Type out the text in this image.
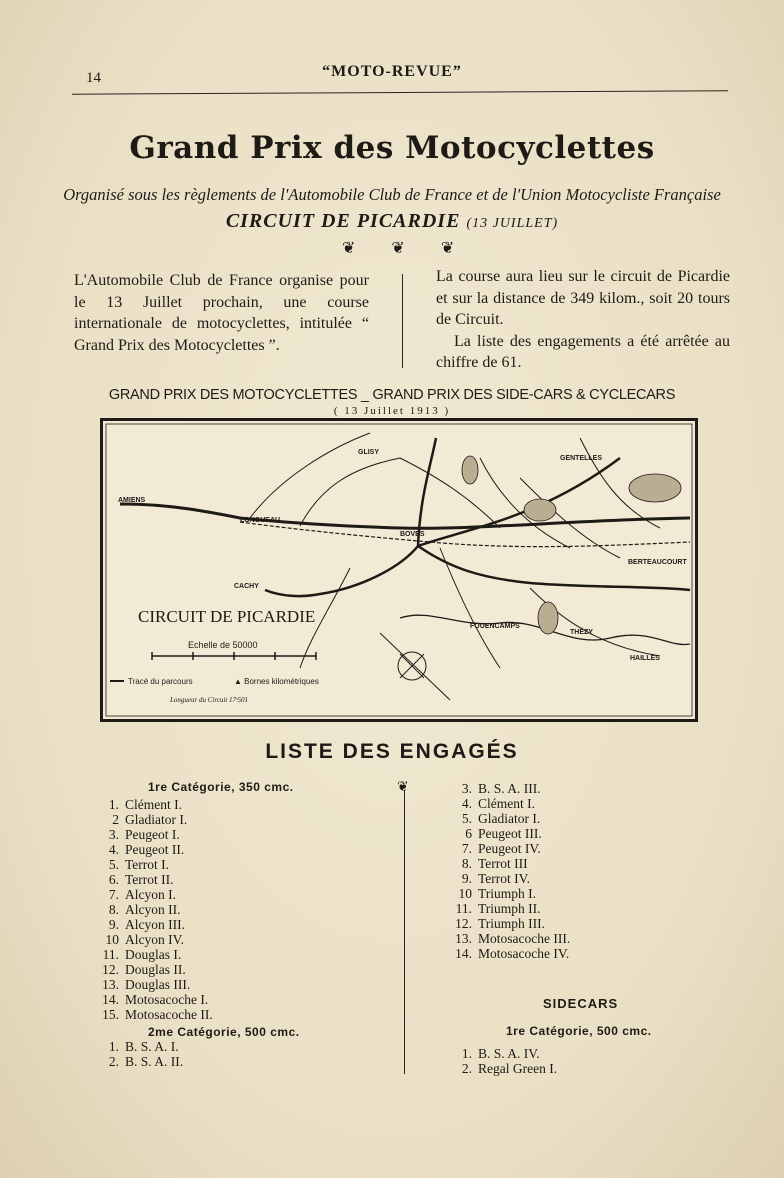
14	“MOTO-REVUE”
Grand Prix des Motocyclettes
Organisé sous les règlements de l'Automobile Club de France et de l'Union Motocycliste Française
CIRCUIT DE PICARDIE (13 JUILLET)
❦ ❦ ❦
L'Automobile Club de France organise pour le 13 Juillet prochain, une course internationale de motocyclettes, intitulée “ Grand Prix des Motocyclettes ”.
La course aura lieu sur le circuit de Picardie et sur la distance de 349 kilom., soit 20 tours de Circuit.
La liste des engagements a été arrêtée au chiffre de 61.
GRAND PRIX DES MOTOCYCLETTES _ GRAND PRIX DES SIDE-CARS & CYCLECARS
( 13 Juillet 1913 )
AMIENS
LONGUEAU
GLISY
CACHY
GENTELLES
FOUENCAMPS
THÉZY
HAILLES
BERTEAUCOURT
BOVES
CIRCUIT DE PICARDIE
Echelle de 50000
Tracé du parcours	▲ Bornes kilométriques
Longueur du Circuit 17ˢ501
LISTE DES ENGAGÉS
1re Catégorie, 350 cmc.
1. Clément I.
2 Gladiator I.
3. Peugeot I.
4. Peugeot II.
5. Terrot I.
6. Terrot II.
7. Alcyon I.
8. Alcyon II.
9. Alcyon III.
10 Alcyon IV.
11. Douglas I.
12. Douglas II.
13. Douglas III.
14. Motosacoche I.
15. Motosacoche II.
2me Catégorie, 500 cmc.
1. B. S. A. I.
2. B. S. A. II.
❦	3. B. S. A. III.
4. Clément I.
5. Gladiator I.
6 Peugeot III.
7. Peugeot IV.
8. Terrot III
9. Terrot IV.
10 Triumph I.
11. Triumph II.
12. Triumph III.
13. Motosacoche III.
14. Motosacoche IV.
SIDECARS
1re Catégorie, 500 cmc.
1. B. S. A. IV.
2. Regal Green I.
